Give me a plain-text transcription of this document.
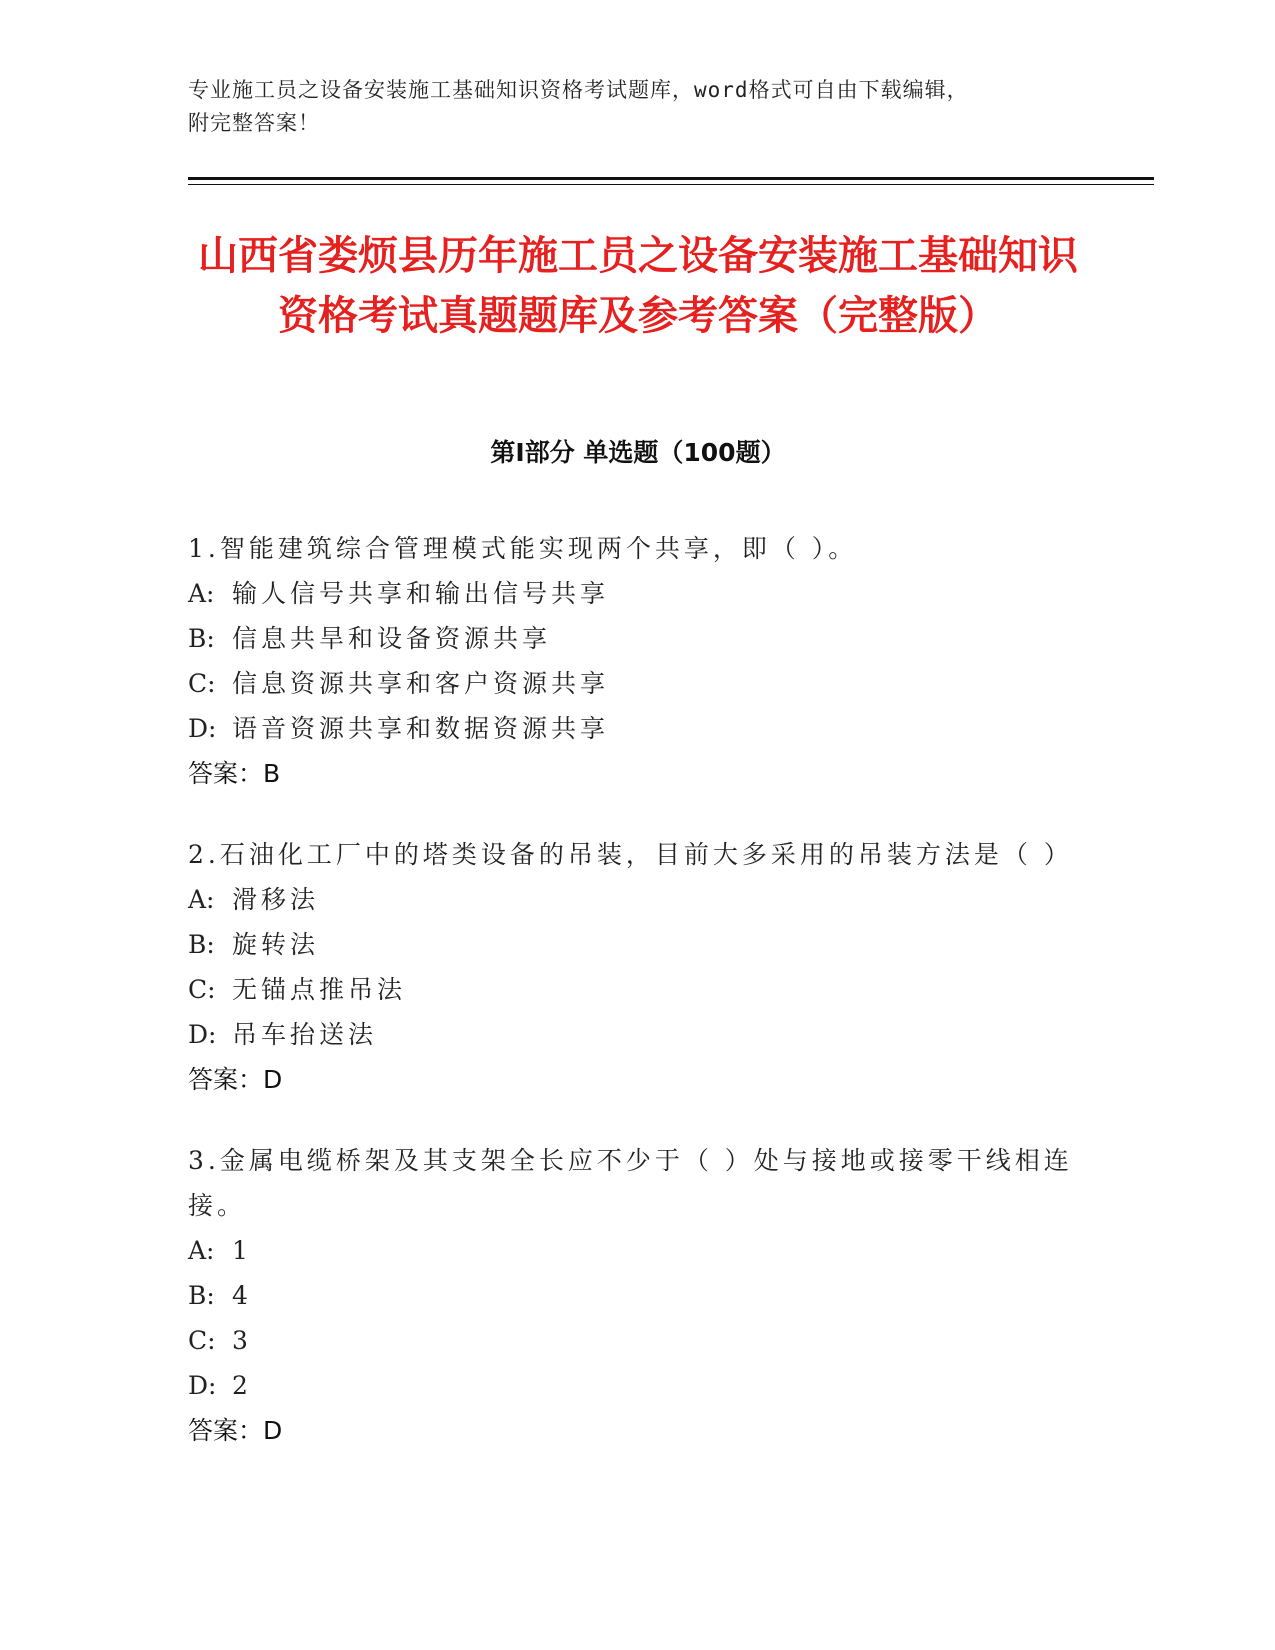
专业施工员之设备安装施工基础知识资格考试题库，word格式可自由下载编辑，
附完整答案！
山西省娄烦县历年施工员之设备安装施工基础知识资格考试真题题库及参考答案（完整版）
第Ⅰ部分 单选题（100题）

1.智能建筑综合管理模式能实现两个共享，即（ ）。

A: 输人信号共享和输出信号共享

B: 信息共旱和设备资源共享

C: 信息资源共享和客户资源共享

D: 语音资源共享和数据资源共享

答案：B

2.石油化工厂中的塔类设备的吊装，目前大多采用的吊装方法是（ ）

A: 滑移法

B: 旋转法

C: 无锚点推吊法

D: 吊车抬送法

答案：D

3.金属电缆桥架及其支架全长应不少于（ ）处与接地或接零干线相连接。

A: 1

B: 4

C: 3

D: 2

答案：D
